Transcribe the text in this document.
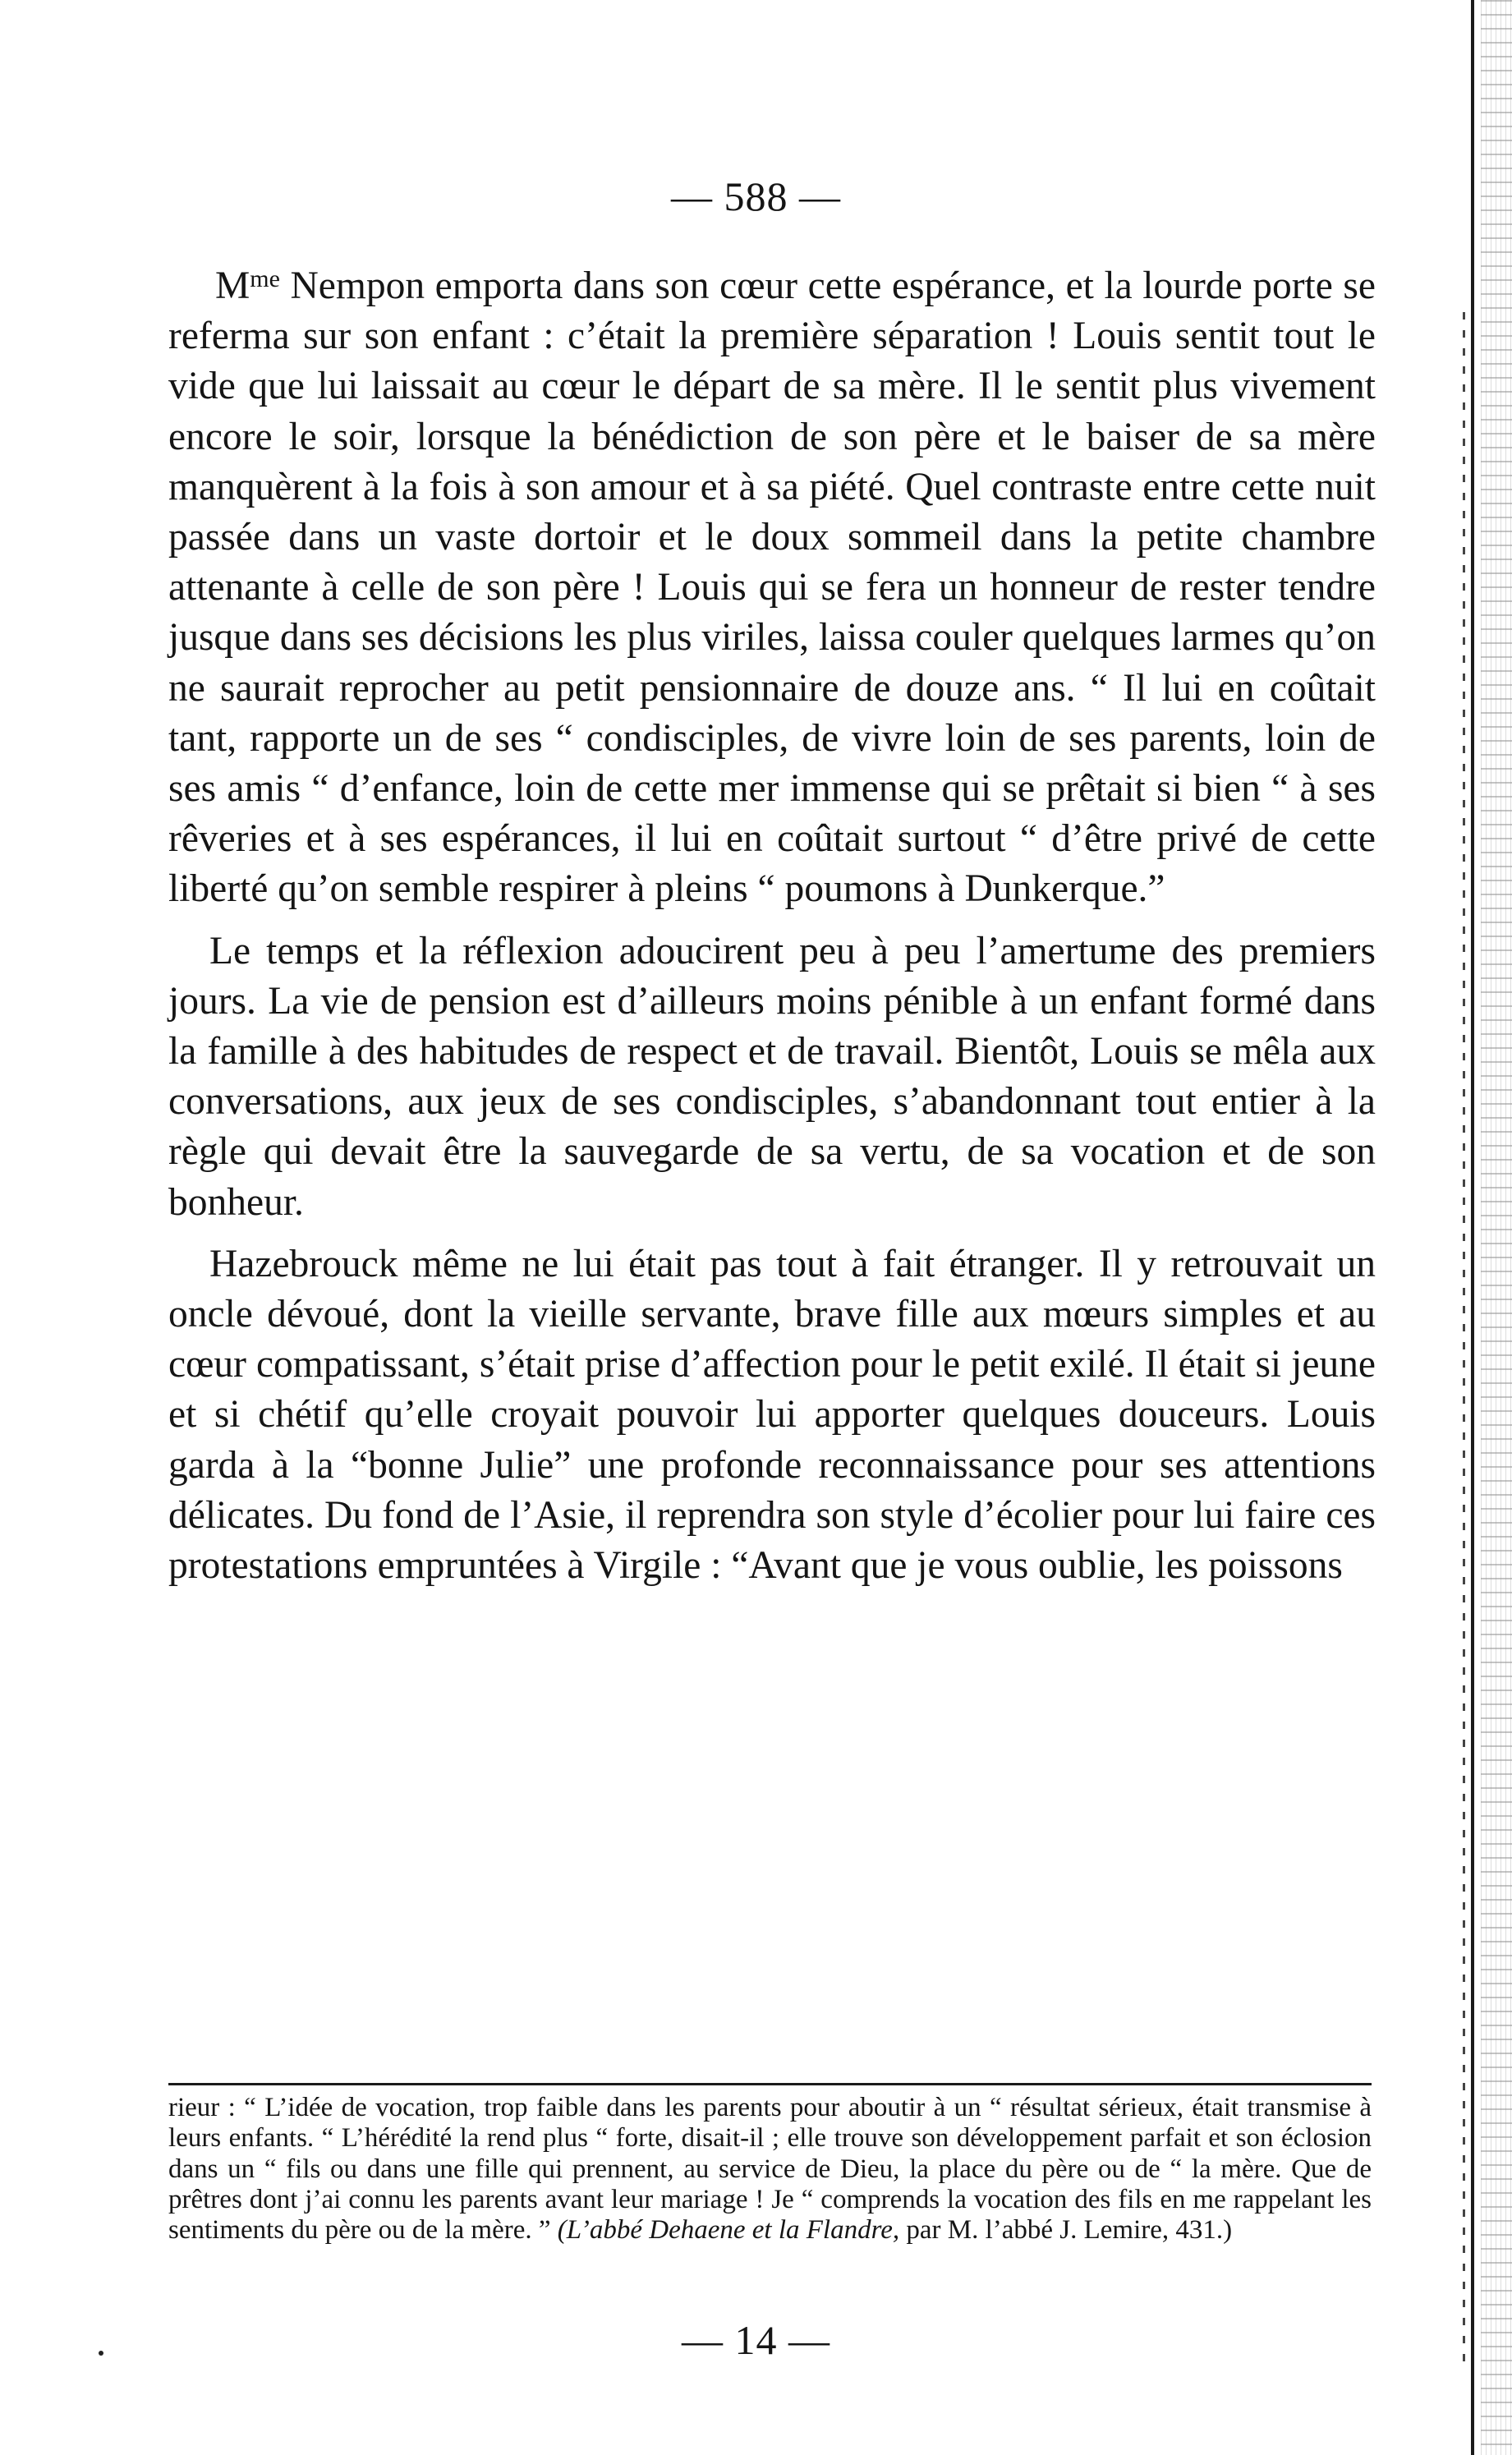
— 588 —

$M^{me}$ Nempon emporta dans son cœur cette espérance, et la lourde porte se referma sur son enfant : c’était la première séparation ! Louis sentit tout le vide que lui laissait au cœur le départ de sa mère. Il le sentit plus vivement encore le soir, lorsque la bénédiction de son père et le baiser de sa mère manquèrent à la fois à son amour et à sa piété. Quel contraste entre cette nuit passée dans un vaste dortoir et le doux sommeil dans la petite chambre attenante à celle de son père ! Louis qui se fera un honneur de rester tendre jusque dans ses décisions les plus viriles, laissa couler quelques larmes qu’on ne saurait reprocher au petit pensionnaire de douze ans. “ Il lui en coûtait tant, rapporte un de ses “ condisciples, de vivre loin de ses parents, loin de ses amis “ d’enfance, loin de cette mer immense qui se prêtait si bien “ à ses rêveries et à ses espérances, il lui en coûtait surtout “ d’être privé de cette liberté qu’on semble respirer à pleins “ poumons à Dunkerque.”

Le temps et la réflexion adoucirent peu à peu l’amertume des premiers jours. La vie de pension est d’ailleurs moins pénible à un enfant formé dans la famille à des habitudes de respect et de travail. Bientôt, Louis se mêla aux conversations, aux jeux de ses condisciples, s’abandonnant tout entier à la règle qui devait être la sauvegarde de sa vertu, de sa vocation et de son bonheur.

Hazebrouck même ne lui était pas tout à fait étranger. Il y retrouvait un oncle dévoué, dont la vieille servante, brave fille aux mœurs simples et au cœur compatissant, s’était prise d’affection pour le petit exilé. Il était si jeune et si chétif qu’elle croyait pouvoir lui apporter quelques douceurs. Louis garda à la “bonne Julie” une profonde reconnaissance pour ses attentions délicates. Du fond de l’Asie, il reprendra son style d’écolier pour lui faire ces protestations empruntées à Virgile : “Avant que je vous oublie, les poissons

rieur : “ L’idée de vocation, trop faible dans les parents pour aboutir à un “ résultat sérieux, était transmise à leurs enfants. “ L’hérédité la rend plus “ forte, disait-il ; elle trouve son développement parfait et son éclosion dans un “ fils ou dans une fille qui prennent, au service de Dieu, la place du père ou de “ la mère. Que de prêtres dont j’ai connu les parents avant leur mariage ! Je “ comprends la vocation des fils en me rappelant les sentiments du père ou de la mère. ” (L’abbé Dehaene et la Flandre, par M. l’abbé J. Lemire, 431.)

— 14 —
